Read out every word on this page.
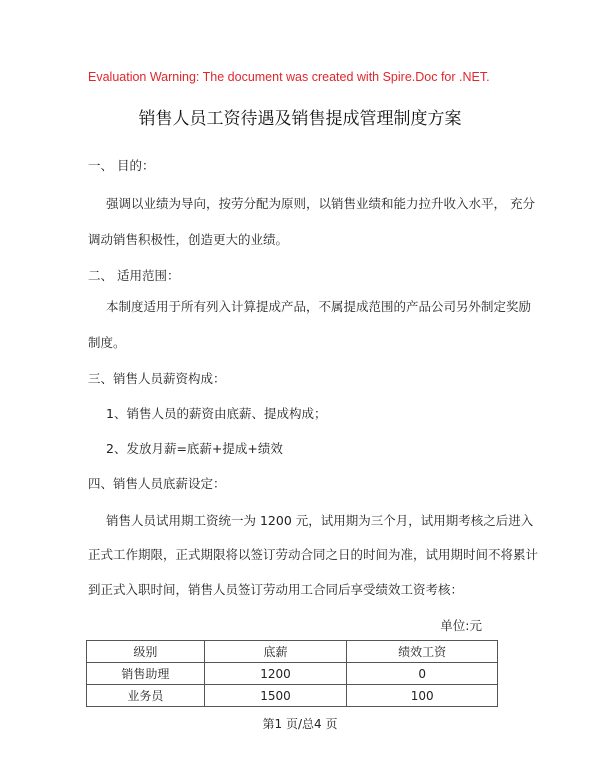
Evaluation Warning: The document was created with Spire.Doc for .NET.
销售人员工资待遇及销售提成管理制度方案
一、 目的：
强调以业绩为导向，按劳分配为原则，以销售业绩和能力拉升收入水平， 充分
调动销售积极性，创造更大的业绩。
二、 适用范围：
本制度适用于所有列入计算提成产品，不属提成范围的产品公司另外制定奖励
制度。
三、销售人员薪资构成：
1、销售人员的薪资由底薪、提成构成；
2、发放月薪=底薪+提成+绩效
四、销售人员底薪设定：
销售人员试用期工资统一为 1200 元，试用期为三个月，试用期考核之后进入
正式工作期限，正式期限将以签订劳动合同之日的时间为准，试用期时间不将累计
到正式入职时间，销售人员签订劳动用工合同后享受绩效工资考核：
单位:元
级别	底薪	绩效工资
销售助理	1200	0
业务员	1500	100
第1 页/总4 页
